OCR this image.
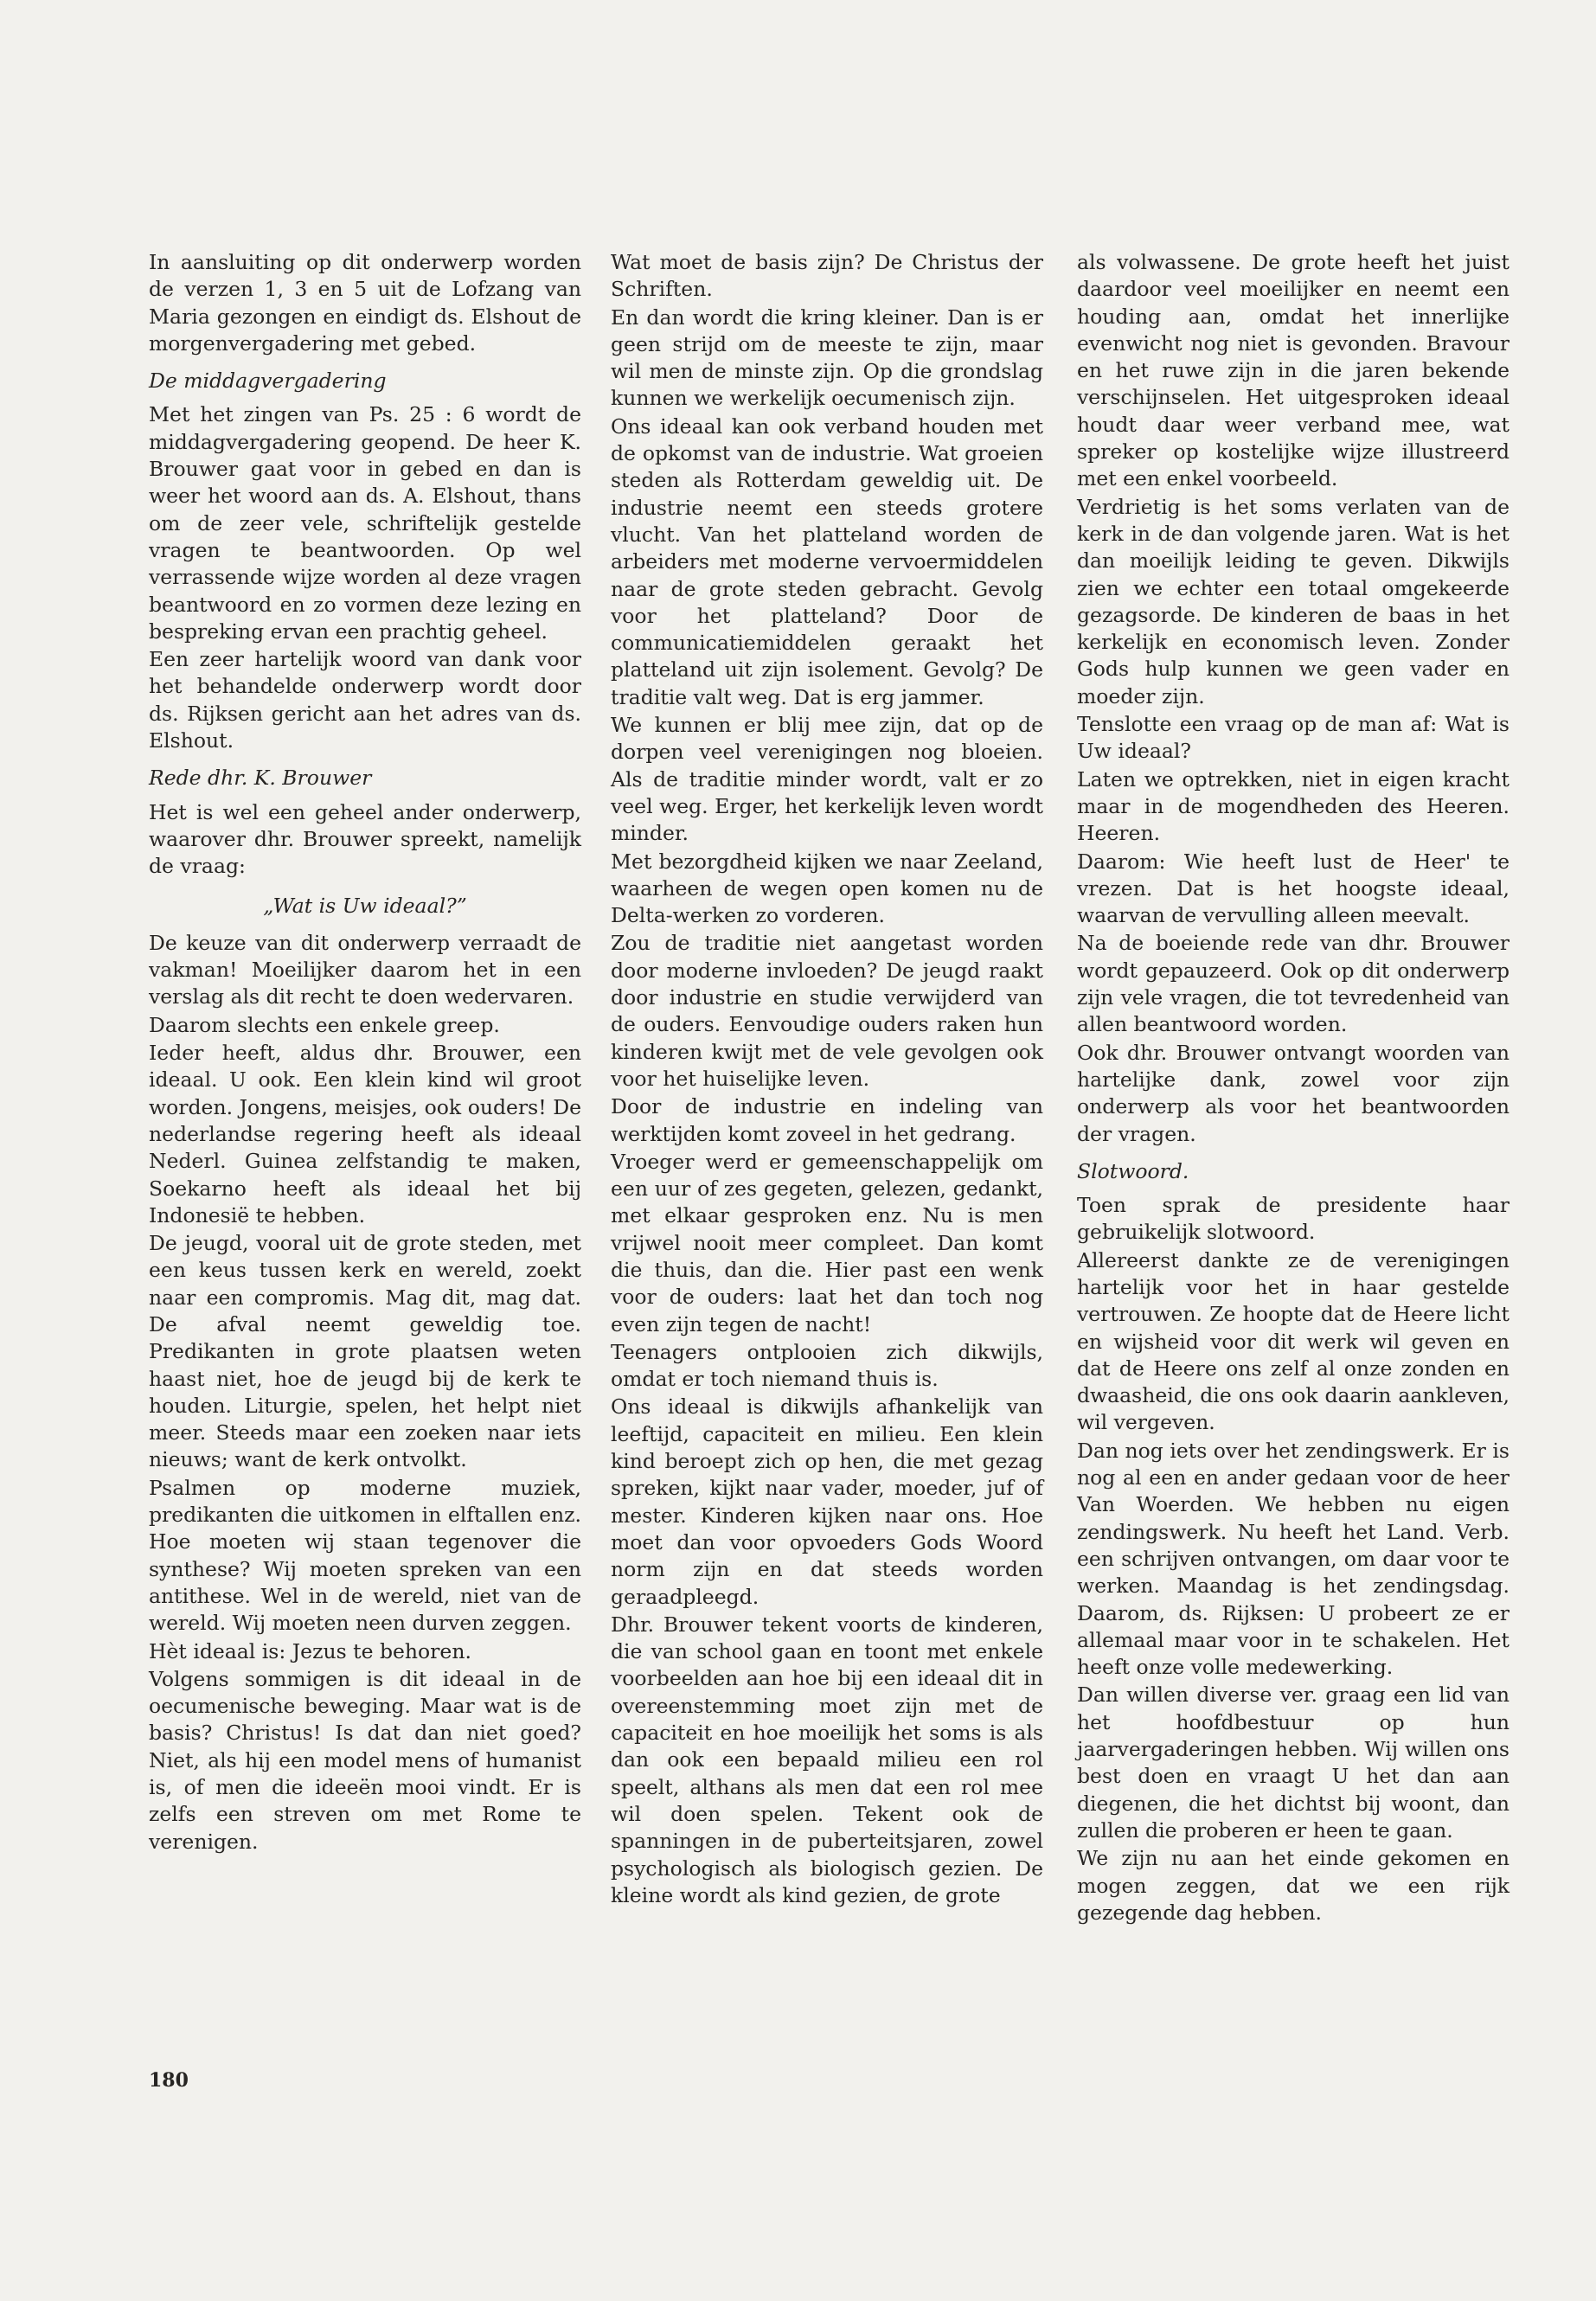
In aansluiting op dit onderwerp worden de verzen 1, 3 en 5 uit de Lofzang van Maria gezongen en eindigt ds. Elshout de morgenvergadering met gebed.

De middagvergadering

Met het zingen van Ps. 25 : 6 wordt de middagvergadering geopend. De heer K. Brouwer gaat voor in gebed en dan is weer het woord aan ds. A. Elshout, thans om de zeer vele, schriftelijk gestelde vragen te beantwoorden. Op wel verrassende wijze worden al deze vragen beantwoord en zo vormen deze lezing en bespreking ervan een prachtig geheel.

Een zeer hartelijk woord van dank voor het behandelde onderwerp wordt door ds. Rijksen gericht aan het adres van ds. Elshout.

Rede dhr. K. Brouwer

Het is wel een geheel ander onderwerp, waarover dhr. Brouwer spreekt, namelijk de vraag:

„Wat is Uw ideaal?”

De keuze van dit onderwerp verraadt de vakman! Moeilijker daarom het in een verslag als dit recht te doen wedervaren.

Daarom slechts een enkele greep.

Ieder heeft, aldus dhr. Brouwer, een ideaal. U ook. Een klein kind wil groot worden. Jongens, meisjes, ook ouders! De nederlandse regering heeft als ideaal Nederl. Guinea zelfstandig te maken, Soekarno heeft als ideaal het bij Indonesië te hebben.

De jeugd, vooral uit de grote steden, met een keus tussen kerk en wereld, zoekt naar een compromis. Mag dit, mag dat. De afval neemt geweldig toe. Predikanten in grote plaatsen weten haast niet, hoe de jeugd bij de kerk te houden. Liturgie, spelen, het helpt niet meer. Steeds maar een zoeken naar iets nieuws; want de kerk ontvolkt.

Psalmen op moderne muziek, predikanten die uitkomen in elftallen enz. Hoe moeten wij staan tegenover die synthese? Wij moeten spreken van een antithese. Wel in de wereld, niet van de wereld. Wij moeten neen durven zeggen.

Hèt ideaal is: Jezus te behoren.

Volgens sommigen is dit ideaal in de oecumenische beweging. Maar wat is de basis? Christus! Is dat dan niet goed? Niet, als hij een model mens of humanist is, of men die ideeën mooi vindt. Er is zelfs een streven om met Rome te verenigen.

Wat moet de basis zijn? De Christus der Schriften.

En dan wordt die kring kleiner. Dan is er geen strijd om de meeste te zijn, maar wil men de minste zijn. Op die grondslag kunnen we werkelijk oecumenisch zijn.

Ons ideaal kan ook verband houden met de opkomst van de industrie. Wat groeien steden als Rotterdam geweldig uit. De industrie neemt een steeds grotere vlucht. Van het platteland worden de arbeiders met moderne vervoermiddelen naar de grote steden gebracht. Gevolg voor het platteland? Door de communicatiemiddelen geraakt het platteland uit zijn isolement. Gevolg? De traditie valt weg. Dat is erg jammer.

We kunnen er blij mee zijn, dat op de dorpen veel verenigingen nog bloeien. Als de traditie minder wordt, valt er zo veel weg. Erger, het kerkelijk leven wordt minder.

Met bezorgdheid kijken we naar Zeeland, waarheen de wegen open komen nu de Delta-werken zo vorderen.

Zou de traditie niet aangetast worden door moderne invloeden? De jeugd raakt door industrie en studie verwijderd van de ouders. Eenvoudige ouders raken hun kinderen kwijt met de vele gevolgen ook voor het huiselijke leven.

Door de industrie en indeling van werktijden komt zoveel in het gedrang.

Vroeger werd er gemeenschappelijk om een uur of zes gegeten, gelezen, gedankt, met elkaar gesproken enz. Nu is men vrijwel nooit meer compleet. Dan komt die thuis, dan die. Hier past een wenk voor de ouders: laat het dan toch nog even zijn tegen de nacht!

Teenagers ontplooien zich dikwijls, omdat er toch niemand thuis is.

Ons ideaal is dikwijls afhankelijk van leeftijd, capaciteit en milieu. Een klein kind beroept zich op hen, die met gezag spreken, kijkt naar vader, moeder, juf of mester. Kinderen kijken naar ons. Hoe moet dan voor opvoeders Gods Woord norm zijn en dat steeds worden geraadpleegd.

Dhr. Brouwer tekent voorts de kinderen, die van school gaan en toont met enkele voorbeelden aan hoe bij een ideaal dit in overeenstemming moet zijn met de capaciteit en hoe moeilijk het soms is als dan ook een bepaald milieu een rol speelt, althans als men dat een rol mee wil doen spelen. Tekent ook de spanningen in de puberteitsjaren, zowel psychologisch als biologisch gezien. De kleine wordt als kind gezien, de grote

als volwassene. De grote heeft het juist daardoor veel moeilijker en neemt een houding aan, omdat het innerlijke evenwicht nog niet is gevonden. Bravour en het ruwe zijn in die jaren bekende verschijnselen. Het uitgesproken ideaal houdt daar weer verband mee, wat spreker op kostelijke wijze illustreerd met een enkel voorbeeld.

Verdrietig is het soms verlaten van de kerk in de dan volgende jaren. Wat is het dan moeilijk leiding te geven. Dikwijls zien we echter een totaal omgekeerde gezagsorde. De kinderen de baas in het kerkelijk en economisch leven. Zonder Gods hulp kunnen we geen vader en moeder zijn.

Tenslotte een vraag op de man af: Wat is Uw ideaal?

Laten we optrekken, niet in eigen kracht maar in de mogendheden des Heeren. Heeren.

Daarom: Wie heeft lust de Heer' te vrezen. Dat is het hoogste ideaal, waarvan de vervulling alleen meevalt.

Na de boeiende rede van dhr. Brouwer wordt gepauzeerd. Ook op dit onderwerp zijn vele vragen, die tot tevredenheid van allen beantwoord worden.

Ook dhr. Brouwer ontvangt woorden van hartelijke dank, zowel voor zijn onderwerp als voor het beantwoorden der vragen.

Slotwoord.

Toen sprak de presidente haar gebruikelijk slotwoord.

Allereerst dankte ze de verenigingen hartelijk voor het in haar gestelde vertrouwen. Ze hoopte dat de Heere licht en wijsheid voor dit werk wil geven en dat de Heere ons zelf al onze zonden en dwaasheid, die ons ook daarin aankleven, wil vergeven.

Dan nog iets over het zendingswerk. Er is nog al een en ander gedaan voor de heer Van Woerden. We hebben nu eigen zendingswerk. Nu heeft het Land. Verb. een schrijven ontvangen, om daar voor te werken. Maandag is het zendingsdag. Daarom, ds. Rijksen: U probeert ze er allemaal maar voor in te schakelen. Het heeft onze volle medewerking.

Dan willen diverse ver. graag een lid van het hoofdbestuur op hun jaarvergaderingen hebben. Wij willen ons best doen en vraagt U het dan aan diegenen, die het dichtst bij woont, dan zullen die proberen er heen te gaan.

We zijn nu aan het einde gekomen en mogen zeggen, dat we een rijk gezegende dag hebben.

180
